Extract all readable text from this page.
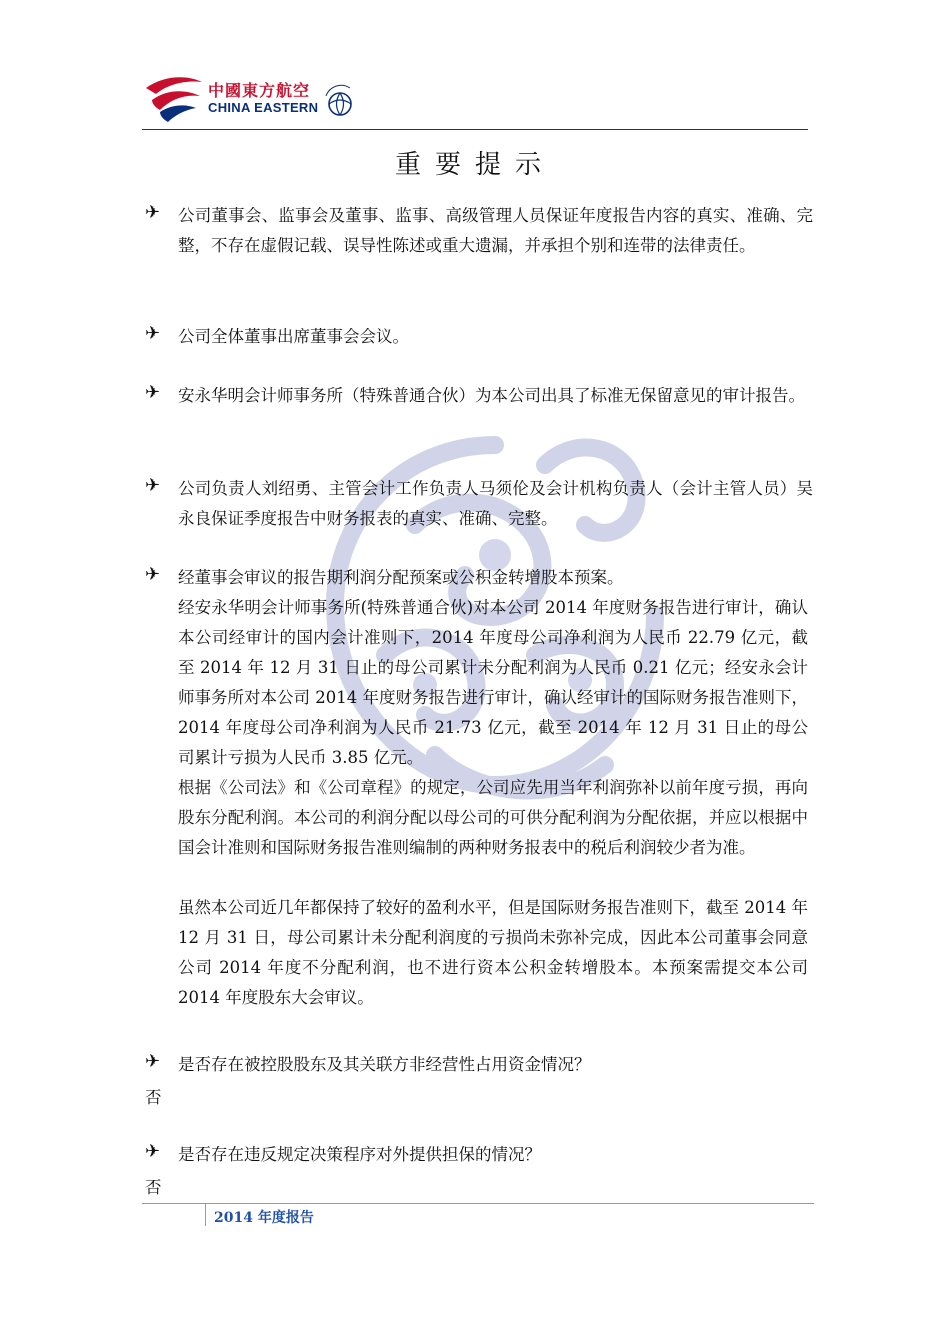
中國東方航空
CHINA EASTERN
重要提示
✈ 公司董事会、监事会及董事、监事、高级管理人员保证年度报告内容的真实、准确、完整，不存在虚假记载、误导性陈述或重大遗漏，并承担个别和连带的法律责任。
✈ 公司全体董事出席董事会会议。
✈ 安永华明会计师事务所（特殊普通合伙）为本公司出具了标准无保留意见的审计报告。
✈ 公司负责人刘绍勇、主管会计工作负责人马须伦及会计机构负责人（会计主管人员）吴永良保证季度报告中财务报表的真实、准确、完整。
✈ 经董事会审议的报告期利润分配预案或公积金转增股本预案。
经安永华明会计师事务所(特殊普通合伙)对本公司 2014 年度财务报告进行审计，确认本公司经审计的国内会计准则下，2014 年度母公司净利润为人民币 22.79 亿元，截至 2014 年 12 月 31 日止的母公司累计未分配利润为人民币 0.21 亿元；经安永会计师事务所对本公司 2014 年度财务报告进行审计，确认经审计的国际财务报告准则下，2014 年度母公司净利润为人民币 21.73 亿元，截至 2014 年 12 月 31 日止的母公司累计亏损为人民币 3.85 亿元。
根据《公司法》和《公司章程》的规定，公司应先用当年利润弥补以前年度亏损，再向股东分配利润。本公司的利润分配以母公司的可供分配利润为分配依据，并应以根据中国会计准则和国际财务报告准则编制的两种财务报表中的税后利润较少者为准。
虽然本公司近几年都保持了较好的盈利水平，但是国际财务报告准则下，截至 2014 年 12 月 31 日，母公司累计未分配利润度的亏损尚未弥补完成，因此本公司董事会同意公司 2014 年度不分配利润，也不进行资本公积金转增股本。本预案需提交本公司 2014 年度股东大会审议。
✈ 是否存在被控股股东及其关联方非经营性占用资金情况？
否
✈ 是否存在违反规定决策程序对外提供担保的情况？
否
2014 年度报告
